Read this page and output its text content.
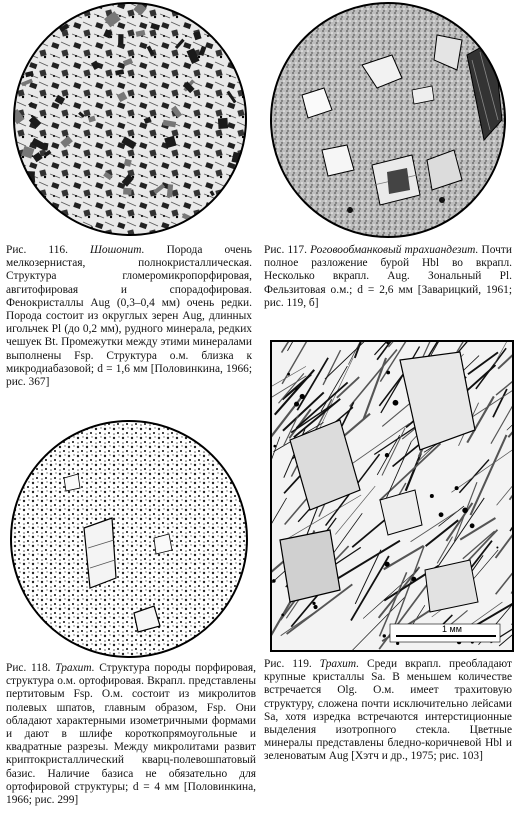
1 мм
Рис. 116. Шошонит. Порода очень мелкозернистая, полнокристаллическая. Структура гломеромикропорфировая, авгитофировая и спорадофировая. Фенокристаллы Aug (0,3–0,4 мм) очень редки. Порода состоит из округлых зерен Aug, длинных игольчек Pl (до 0,2 мм), рудного минерала, редких чешуек Bt. Промежутки между этими минералами выполнены Fsp. Структура о.м. близка к микродиабазовой; d = 1,6 мм [Половинкина, 1966; рис. 367]
Рис. 117. Роговообманковый трахиандезит. Почти полное разложение бурой Hbl во вкрапл. Несколько вкрапл. Aug. Зональный Pl. Фельзитовая о.м.; d = 2,6 мм [Заварицкий, 1961; рис. 119, б]
Рис. 118. Трахит. Структура породы порфировая, структура о.м. ортофировая. Вкрапл. представлены пертитовым Fsp. О.м. состоит из микролитов полевых шпатов, главным образом, Fsp. Они обладают характерными изометричными формами и дают в шлифе короткопрямоугольные и квадратные разрезы. Между микролитами развит криптокристаллический кварц-полевошпатовый базис. Наличие базиса не обязательно для ортофировой структуры; d = 4 мм [Половинкина, 1966; рис. 299]
Рис. 119. Трахит. Среди вкрапл. преобладают крупные кристаллы Sa. В меньшем количестве встречается Olg. О.м. имеет трахитовую структуру, сложена почти исключительно лейсами Sa, хотя изредка встречаются интерстиционные выделения изотропного стекла. Цветные минералы представлены бледно-коричневой Hbl и зеленоватым Aug [Хэтч и др., 1975; рис. 103]
